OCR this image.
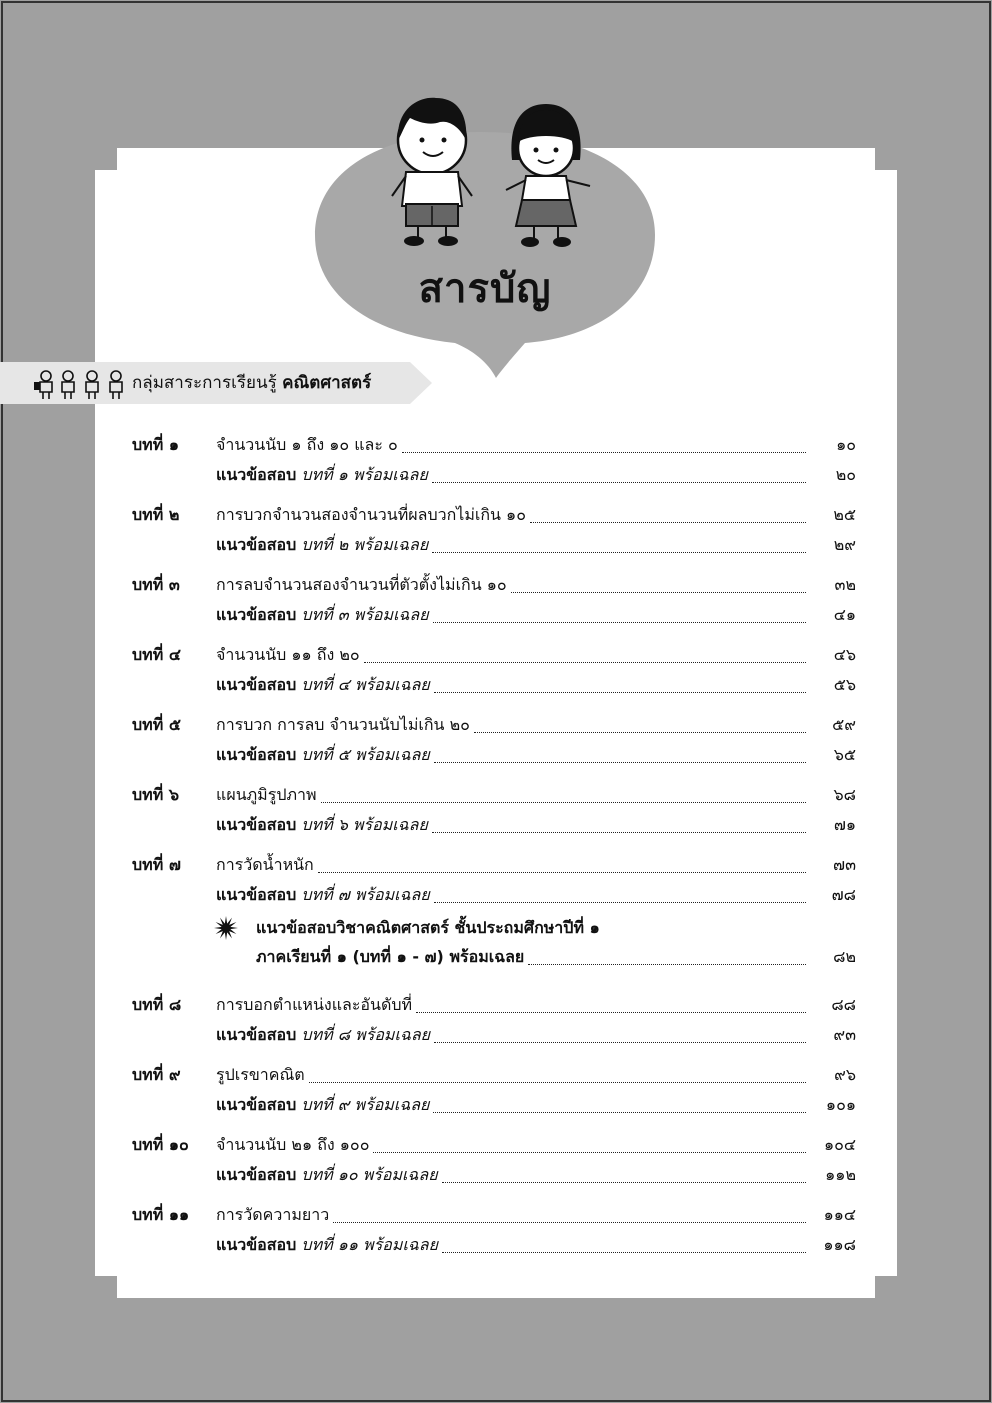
สารบัญ
กลุ่มสาระการเรียนรู้ คณิตศาสตร์
บทที่ ๑	จำนวนนับ ๑ ถึง ๑๐ และ ๐	๑๐
แนวข้อสอบ บทที่ ๑ พร้อมเฉลย	๒๐
บทที่ ๒	การบวกจำนวนสองจำนวนที่ผลบวกไม่เกิน ๑๐	๒๕
แนวข้อสอบ บทที่ ๒ พร้อมเฉลย	๒๙
บทที่ ๓	การลบจำนวนสองจำนวนที่ตัวตั้งไม่เกิน ๑๐	๓๒
แนวข้อสอบ บทที่ ๓ พร้อมเฉลย	๔๑
บทที่ ๔	จำนวนนับ ๑๑ ถึง ๒๐	๔๖
แนวข้อสอบ บทที่ ๔ พร้อมเฉลย	๕๖
บทที่ ๕	การบวก การลบ จำนวนนับไม่เกิน ๒๐	๕๙
แนวข้อสอบ บทที่ ๕ พร้อมเฉลย	๖๕
บทที่ ๖	แผนภูมิรูปภาพ	๖๘
แนวข้อสอบ บทที่ ๖ พร้อมเฉลย	๗๑
บทที่ ๗	การวัดน้ำหนัก	๗๓
แนวข้อสอบ บทที่ ๗ พร้อมเฉลย	๗๘
บทที่ ๘	การบอกตำแหน่งและอันดับที่	๘๘
แนวข้อสอบ บทที่ ๘ พร้อมเฉลย	๙๓
บทที่ ๙	รูปเรขาคณิต	๙๖
แนวข้อสอบ บทที่ ๙ พร้อมเฉลย	๑๐๑
บทที่ ๑๐	จำนวนนับ ๒๑ ถึง ๑๐๐	๑๐๔
แนวข้อสอบ บทที่ ๑๐ พร้อมเฉลย	๑๑๒
บทที่ ๑๑	การวัดความยาว	๑๑๔
แนวข้อสอบ บทที่ ๑๑ พร้อมเฉลย	๑๑๘
แนวข้อสอบวิชาคณิตศาสตร์ ชั้นประถมศึกษาปีที่ ๑
ภาคเรียนที่ ๑ (บทที่ ๑ - ๗) พร้อมเฉลย	๘๒
